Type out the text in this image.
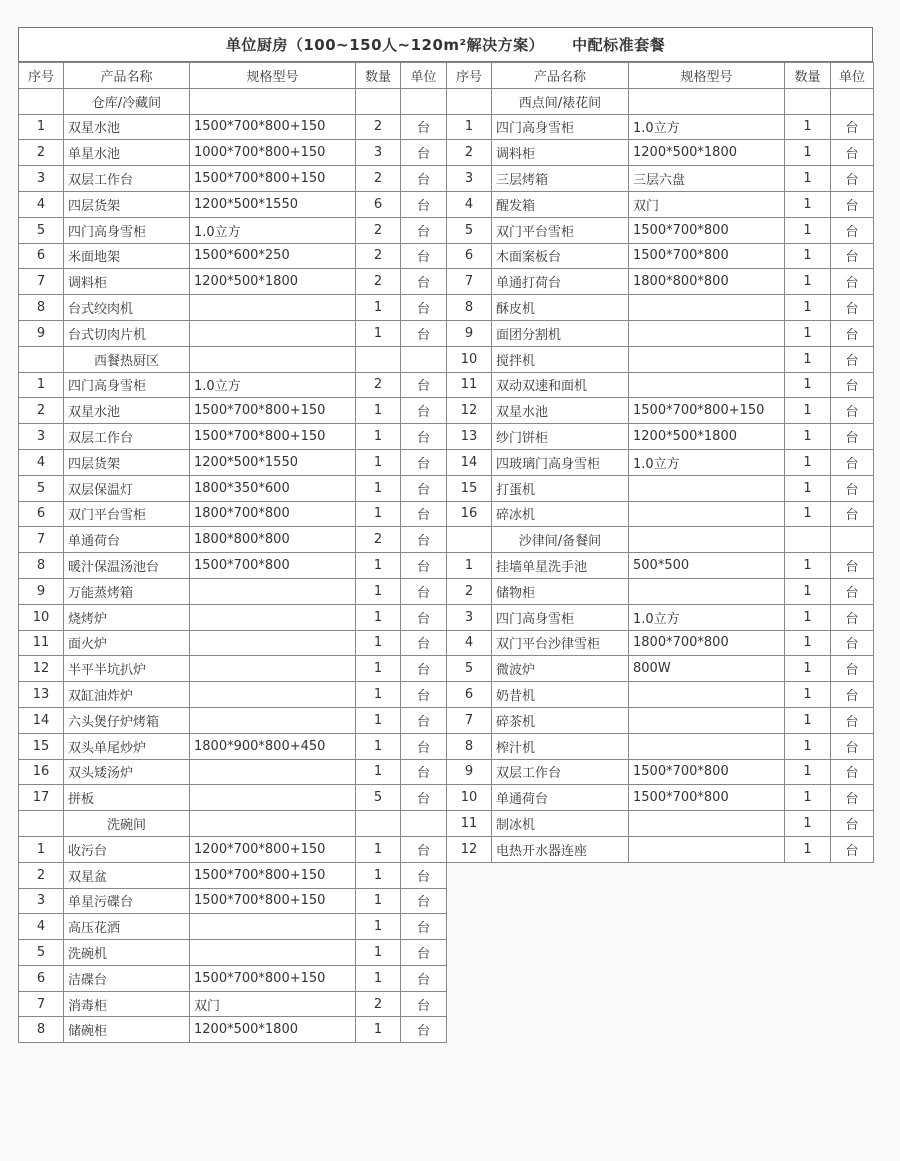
单位厨房（100~150人~120m²解决方案） 中配标准套餐
序号	产品名称	规格型号	数量	单位
	仓库/冷藏间			
1	双星水池	1500*700*800+150	2	台
2	单星水池	1000*700*800+150	3	台
3	双层工作台	1500*700*800+150	2	台
4	四层货架	1200*500*1550	6	台
5	四门高身雪柜	1.0立方	2	台
6	米面地架	1500*600*250	2	台
7	调料柜	1200*500*1800	2	台
8	台式绞肉机		1	台
9	台式切肉片机		1	台
	西餐热厨区			
1	四门高身雪柜	1.0立方	2	台
2	双星水池	1500*700*800+150	1	台
3	双层工作台	1500*700*800+150	1	台
4	四层货架	1200*500*1550	1	台
5	双层保温灯	1800*350*600	1	台
6	双门平台雪柜	1800*700*800	1	台
7	单通荷台	1800*800*800	2	台
8	暖汁保温汤池台	1500*700*800	1	台
9	万能蒸烤箱		1	台
10	烧烤炉		1	台
11	面火炉		1	台
12	半平半坑扒炉		1	台
13	双缸油炸炉		1	台
14	六头煲仔炉烤箱		1	台
15	双头单尾炒炉	1800*900*800+450	1	台
16	双头矮汤炉		1	台
17	拼板		5	台
	洗碗间			
1	收污台	1200*700*800+150	1	台
2	双星盆	1500*700*800+150	1	台
3	单星污碟台	1500*700*800+150	1	台
4	高压花洒		1	台
5	洗碗机		1	台
6	洁碟台	1500*700*800+150	1	台
7	消毒柜	双门	2	台
8	储碗柜	1200*500*1800	1	台
序号	产品名称	规格型号	数量	单位
	西点间/裱花间			
1	四门高身雪柜	1.0立方	1	台
2	调料柜	1200*500*1800	1	台
3	三层烤箱	三层六盘	1	台
4	醒发箱	双门	1	台
5	双门平台雪柜	1500*700*800	1	台
6	木面案板台	1500*700*800	1	台
7	单通打荷台	1800*800*800	1	台
8	酥皮机		1	台
9	面团分割机		1	台
10	搅拌机		1	台
11	双动双速和面机		1	台
12	双星水池	1500*700*800+150	1	台
13	纱门饼柜	1200*500*1800	1	台
14	四玻璃门高身雪柜	1.0立方	1	台
15	打蛋机		1	台
16	碎冰机		1	台
	沙律间/备餐间			
1	挂墙单星洗手池	500*500	1	台
2	储物柜		1	台
3	四门高身雪柜	1.0立方	1	台
4	双门平台沙律雪柜	1800*700*800	1	台
5	微波炉	800W	1	台
6	奶昔机		1	台
7	碎茶机		1	台
8	榨汁机		1	台
9	双层工作台	1500*700*800	1	台
10	单通荷台	1500*700*800	1	台
11	制冰机		1	台
12	电热开水器连座		1	台
